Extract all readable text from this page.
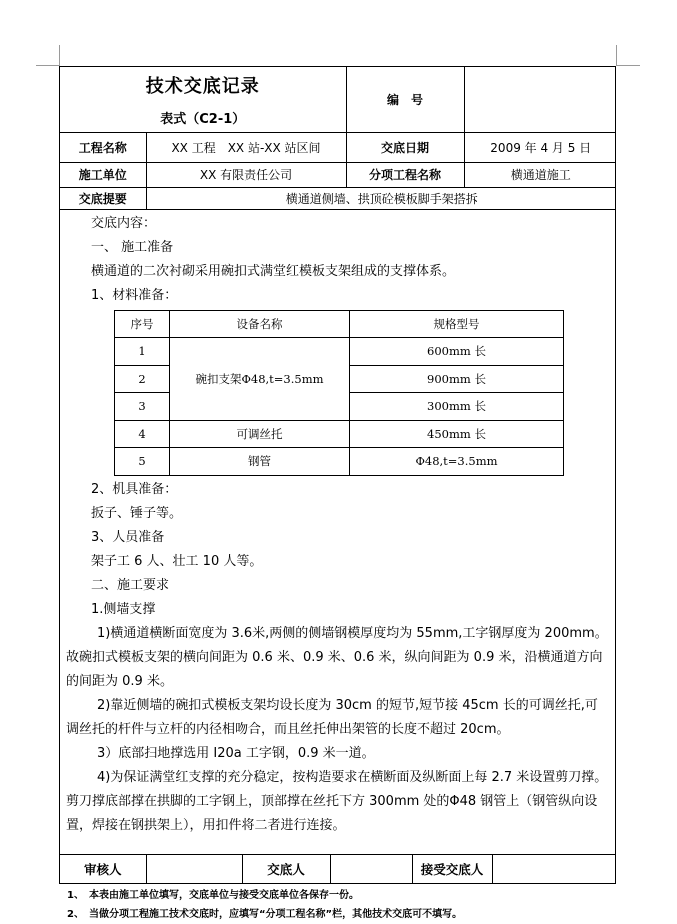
技术交底记录
表式（C2-1）		编　号	
工程名称	XX 工程　XX 站-XX 站区间	交底日期	2009 年 4 月 5 日
施工单位	XX 有限责任公司	分项工程名称	横通道施工
交底提要	横通道侧墙、拱顶砼模板脚手架搭拆		

交底内容：

一、 施工准备

横通道的二次衬砌采用碗扣式满堂红模板支架组成的支撑体系。

1、材料准备：

序号	设备名称	规格型号
1	碗扣支架Φ48,t=3.5mm	600mm 长
2		900mm 长
3		300mm 长
4	可调丝托	450mm 长
5	钢管	Φ48,t=3.5mm

2、机具准备：

扳子、锤子等。

3、人员准备

架子工 6 人、壮工 10 人等。

二、施工要求

1.侧墙支撑

1)横通道横断面宽度为 3.6米,两侧的侧墙钢模厚度均为 55mm,工字钢厚度为 200mm。故碗扣式模板支架的横向间距为 0.6 米、0.9 米、0.6 米，纵向间距为 0.9 米，沿横通道方向的间距为 0.9 米。

2)靠近侧墙的碗扣式模板支架均设长度为 30cm 的短节,短节接 45cm 长的可调丝托,可调丝托的杆件与立杆的内径相吻合，而且丝托伸出架管的长度不超过 20cm。

3）底部扫地撑选用 I20a 工字钢，0.9 米一道。

4)为保证满堂红支撑的充分稳定，按构造要求在横断面及纵断面上每 2.7 米设置剪刀撑。剪刀撑底部撑在拱脚的工字钢上，顶部撑在丝托下方 300mm 处的Φ48 钢管上（钢管纵向设置，焊接在钢拱架上），用扣件将二者进行连接。

审核人		交底人		接受交底人	
1、　本表由施工单位填写，交底单位与接受交底单位各保存一份。
2、　当做分项工程施工技术交底时，应填写“分项工程名称”栏，其他技术交底可不填写。
